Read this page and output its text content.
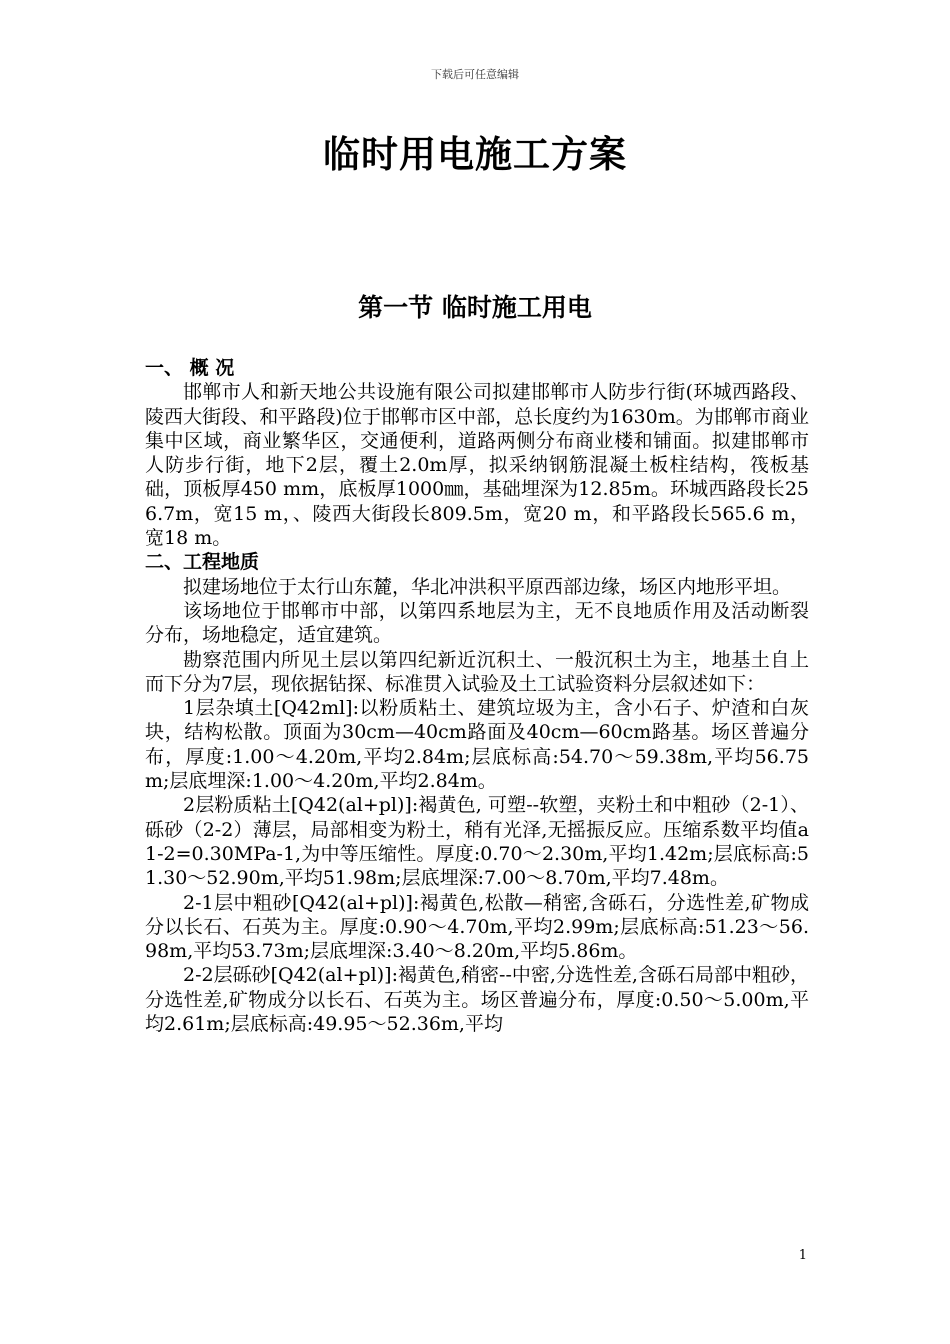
下载后可任意编辑
临时用电施工方案
第一节 临时施工用电
一、 概 况

邯郸市人和新天地公共设施有限公司拟建邯郸市人防步行街(环城西路段、陵西大街段、和平路段)位于邯郸市区中部，总长度约为1630m。为邯郸市商业集中区域，商业繁华区，交通便利，道路两侧分布商业楼和铺面。拟建邯郸市人防步行街，地下2层，覆土2.0m厚，拟采纳钢筋混凝土板柱结构，筏板基础，顶板厚450 mm，底板厚1000㎜，基础埋深为12.85m。环城西路段长256.7m，宽15 m，、陵西大街段长809.5m，宽20 m，和平路段长565.6 m，宽18 m。

二、工程地质

拟建场地位于太行山东麓，华北冲洪积平原西部边缘，场区内地形平坦。

该场地位于邯郸市中部，以第四系地层为主，无不良地质作用及活动断裂分布，场地稳定，适宜建筑。

勘察范围内所见土层以第四纪新近沉积土、一般沉积土为主，地基土自上而下分为7层，现依据钻探、标准贯入试验及土工试验资料分层叙述如下：

1层杂填土[Q42ml]:以粉质粘土、建筑垃圾为主，含小石子、炉渣和白灰块，结构松散。顶面为30cm—40cm路面及40cm—60cm路基。场区普遍分布，厚度:1.00～4.20m,平均2.84m;层底标高:54.70～59.38m,平均56.75m;层底埋深:1.00～4.20m,平均2.84m。

2层粉质粘土[Q42(al+pl)]:褐黄色, 可塑--软塑，夹粉土和中粗砂（2-1）、砾砂（2-2）薄层，局部相变为粉土，稍有光泽,无摇振反应。压缩系数平均值a1-2=0.30MPa-1,为中等压缩性。厚度:0.70～2.30m,平均1.42m;层底标高:51.30～52.90m,平均51.98m;层底埋深:7.00～8.70m,平均7.48m。

2-1层中粗砂[Q42(al+pl)]:褐黄色,松散—稍密,含砾石，分选性差,矿物成分以长石、石英为主。厚度:0.90～4.70m,平均2.99m;层底标高:51.23～56.98m,平均53.73m;层底埋深:3.40～8.20m,平均5.86m。

2-2层砾砂[Q42(al+pl)]:褐黄色,稍密--中密,分选性差,含砾石局部中粗砂，分选性差,矿物成分以长石、石英为主。场区普遍分布，厚度:0.50～5.00m,平均2.61m;层底标高:49.95～52.36m,平均

1
